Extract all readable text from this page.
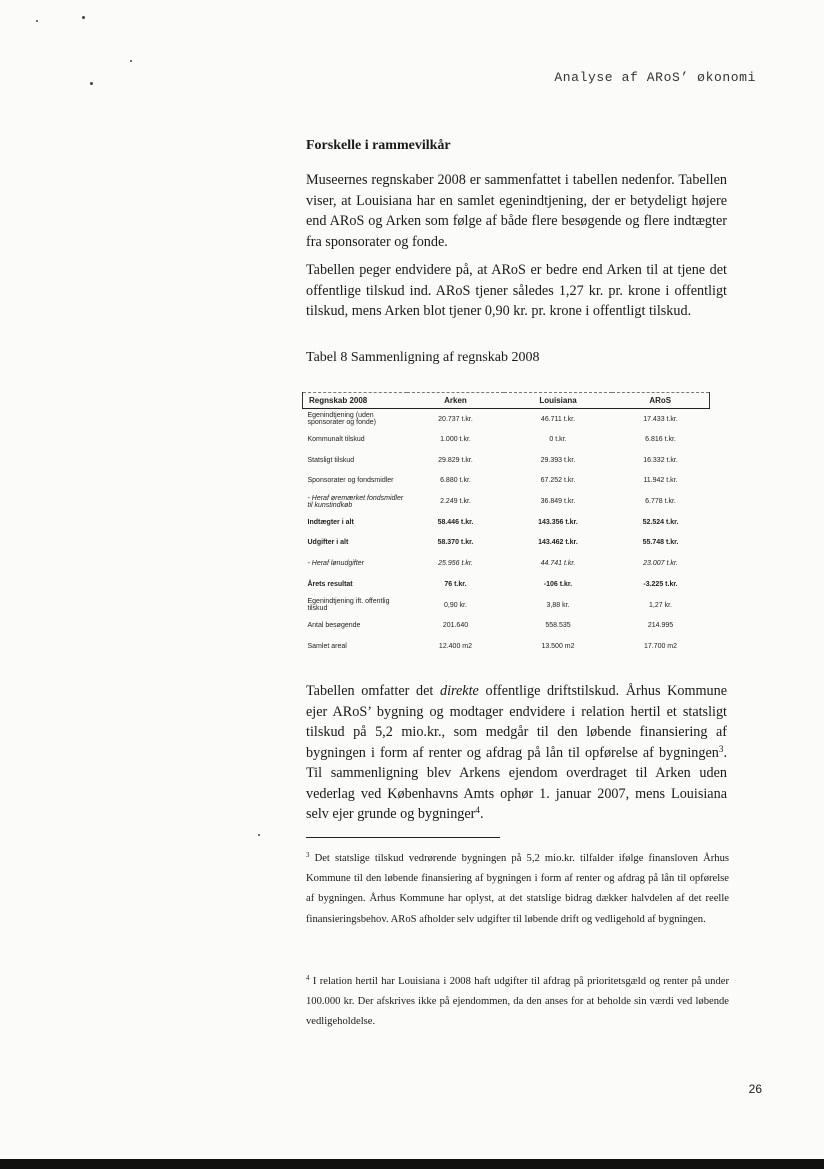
Analyse af ARoS’ økonomi
Forskelle i rammevilkår

Museernes regnskaber 2008 er sammenfattet i tabellen nedenfor. Tabellen viser, at Louisiana har en samlet egenindtjening, der er betydeligt højere end ARoS og Arken som følge af både flere besøgende og flere indtægter fra sponsorater og fonde.

Tabellen peger endvidere på, at ARoS er bedre end Arken til at tjene det offentlige tilskud ind. ARoS tjener således 1,27 kr. pr. krone i offentligt tilskud, mens Arken blot tjener 0,90 kr. pr. krone i offentligt tilskud.

Tabel 8 Sammenligning af regnskab 2008
Regnskab 2008	Arken	Louisiana	ARoS
Egenindtjening (uden sponsorater og fonde)	20.737 t.kr.	46.711 t.kr.	17.433 t.kr.
Kommunalt tilskud	1.000 t.kr.	0 t.kr.	6.816 t.kr.
Statsligt tilskud	29.829 t.kr.	29.393 t.kr.	16.332 t.kr.
Sponsorater og fondsmidler	6.880 t.kr.	67.252 t.kr.	11.942 t.kr.
- Heraf øremærket fondsmidler til kunstindkøb	2.249 t.kr.	36.849 t.kr.	6.778 t.kr.
Indtægter i alt	58.446 t.kr.	143.356 t.kr.	52.524 t.kr.
Udgifter i alt	58.370 t.kr.	143.462 t.kr.	55.748 t.kr.
- Heraf lønudgifter	25.956 t.kr.	44.741 t.kr.	23.007 t.kr.
Årets resultat	76 t.kr.	-106 t.kr.	-3.225 t.kr.
Egenindtjening ift. offentlig tilskud	0,90 kr.	3,88 kr.	1,27 kr.
Antal besøgende	201.640	558.535	214.995
Samlet areal	12.400 m2	13.500 m2	17.700 m2

Tabellen omfatter det direkte offentlige driftstilskud. Århus Kommune ejer ARoS’ bygning og modtager endvidere i relation hertil et statsligt tilskud på 5,2 mio.kr., som medgår til den løbende finansiering af bygningen i form af renter og afdrag på lån til opførelse af bygningen$^3$. Til sammenligning blev Arkens ejendom overdraget til Arken uden vederlag ved Københavns Amts ophør 1. januar 2007, mens Louisiana selv ejer grunde og bygninger$^4$.

$^3$ Det statslige tilskud vedrørende bygningen på 5,2 mio.kr. tilfalder ifølge finansloven Århus Kommune til den løbende finansiering af bygningen i form af renter og afdrag på lån til opførelse af bygningen. Århus Kommune har oplyst, at det statslige bidrag dækker halvdelen af det reelle finansieringsbehov. ARoS afholder selv udgifter til løbende drift og vedligehold af bygningen.

$^4$ I relation hertil har Louisiana i 2008 haft udgifter til afdrag på prioritetsgæld og renter på under 100.000 kr. Der afskrives ikke på ejendommen, da den anses for at beholde sin værdi ved løbende vedligeholdelse.

26
